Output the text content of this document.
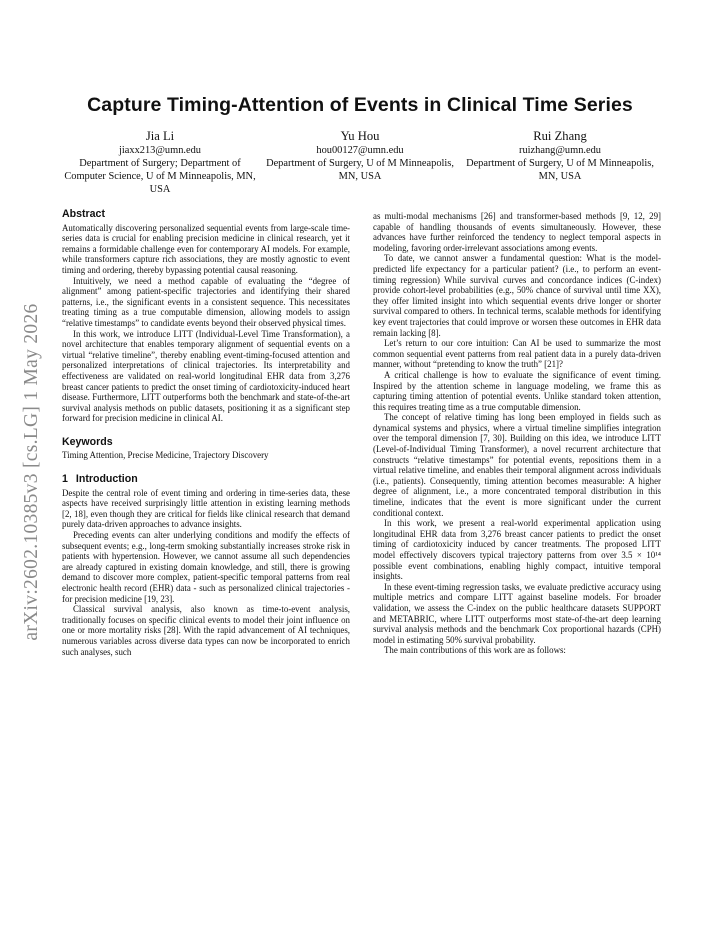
arXiv:2602.10385v3 [cs.LG] 1 May 2026
Capture Timing-Attention of Events in Clinical Time Series
Jia Li
jiaxx213@umn.edu
Department of Surgery; Department of Computer Science, U of M Minneapolis, MN, USA
Yu Hou
hou00127@umn.edu
Department of Surgery, U of M Minneapolis, MN, USA
Rui Zhang
ruizhang@umn.edu
Department of Surgery, U of M Minneapolis, MN, USA
Abstract

Automatically discovering personalized sequential events from large-scale time-series data is crucial for enabling precision medicine in clinical research, yet it remains a formidable challenge even for contemporary AI models. For example, while transformers capture rich associations, they are mostly agnostic to event timing and ordering, thereby bypassing potential causal reasoning.

Intuitively, we need a method capable of evaluating the “degree of alignment” among patient-specific trajectories and identifying their shared patterns, i.e., the significant events in a consistent sequence. This necessitates treating timing as a true computable dimension, allowing models to assign “relative timestamps” to candidate events beyond their observed physical times.

In this work, we introduce LITT (Individual-Level Time Transformation), a novel architecture that enables temporary alignment of sequential events on a virtual “relative timeline”, thereby enabling event-timing-focused attention and personalized interpretations of clinical trajectories. Its interpretability and effectiveness are validated on real-world longitudinal EHR data from 3,276 breast cancer patients to predict the onset timing of cardiotoxicity-induced heart disease. Furthermore, LITT outperforms both the benchmark and state-of-the-art survival analysis methods on public datasets, positioning it as a significant step forward for precision medicine in clinical AI.

Keywords

Timing Attention, Precise Medicine, Trajectory Discovery

1 Introduction

Despite the central role of event timing and ordering in time-series data, these aspects have received surprisingly little attention in existing learning methods [2, 18], even though they are critical for fields like clinical research that demand purely data-driven approaches to advance insights.

Preceding events can alter underlying conditions and modify the effects of subsequent events; e.g., long-term smoking substantially increases stroke risk in patients with hypertension. However, we cannot assume all such dependencies are already captured in existing domain knowledge, and still, there is growing demand to discover more complex, patient-specific temporal patterns from real electronic health record (EHR) data - such as personalized clinical trajectories - for precision medicine [19, 23].

Classical survival analysis, also known as time-to-event analysis, traditionally focuses on specific clinical events to model their joint influence on one or more mortality risks [28]. With the rapid advancement of AI techniques, numerous variables across diverse data types can now be incorporated to enrich such analyses, such

as multi-modal mechanisms [26] and transformer-based methods [9, 12, 29] capable of handling thousands of events simultaneously. However, these advances have further reinforced the tendency to neglect temporal aspects in modeling, favoring order-irrelevant associations among events.

To date, we cannot answer a fundamental question: What is the model-predicted life expectancy for a particular patient? (i.e., to perform an event-timing regression) While survival curves and concordance indices (C-index) provide cohort-level probabilities (e.g., 50% chance of survival until time XX), they offer limited insight into which sequential events drive longer or shorter survival compared to others. In technical terms, scalable methods for identifying key event trajectories that could improve or worsen these outcomes in EHR data remain lacking [8].

Let’s return to our core intuition: Can AI be used to summarize the most common sequential event patterns from real patient data in a purely data-driven manner, without “pretending to know the truth” [21]?

A critical challenge is how to evaluate the significance of event timing. Inspired by the attention scheme in language modeling, we frame this as capturing timing attention of potential events. Unlike standard token attention, this requires treating time as a true computable dimension.

The concept of relative timing has long been employed in fields such as dynamical systems and physics, where a virtual timeline simplifies integration over the temporal dimension [7, 30]. Building on this idea, we introduce LITT (Level-of-Individual Timing Transformer), a novel recurrent architecture that constructs “relative timestamps” for potential events, repositions them in a virtual relative timeline, and enables their temporal alignment across individuals (i.e., patients). Consequently, timing attention becomes measurable: A higher degree of alignment, i.e., a more concentrated temporal distribution in this timeline, indicates that the event is more significant under the current conditional context.

In this work, we present a real-world experimental application using longitudinal EHR data from 3,276 breast cancer patients to predict the onset timing of cardiotoxicity induced by cancer treatments. The proposed LITT model effectively discovers typical trajectory patterns from over 3.5 × 10¹⁴ possible event combinations, enabling highly compact, intuitive temporal insights.

In these event-timing regression tasks, we evaluate predictive accuracy using multiple metrics and compare LITT against baseline models. For broader validation, we assess the C-index on the public healthcare datasets SUPPORT and METABRIC, where LITT outperforms most state-of-the-art deep learning survival analysis methods and the benchmark Cox proportional hazards (CPH) model in estimating 50% survival probability.

The main contributions of this work are as follows:
